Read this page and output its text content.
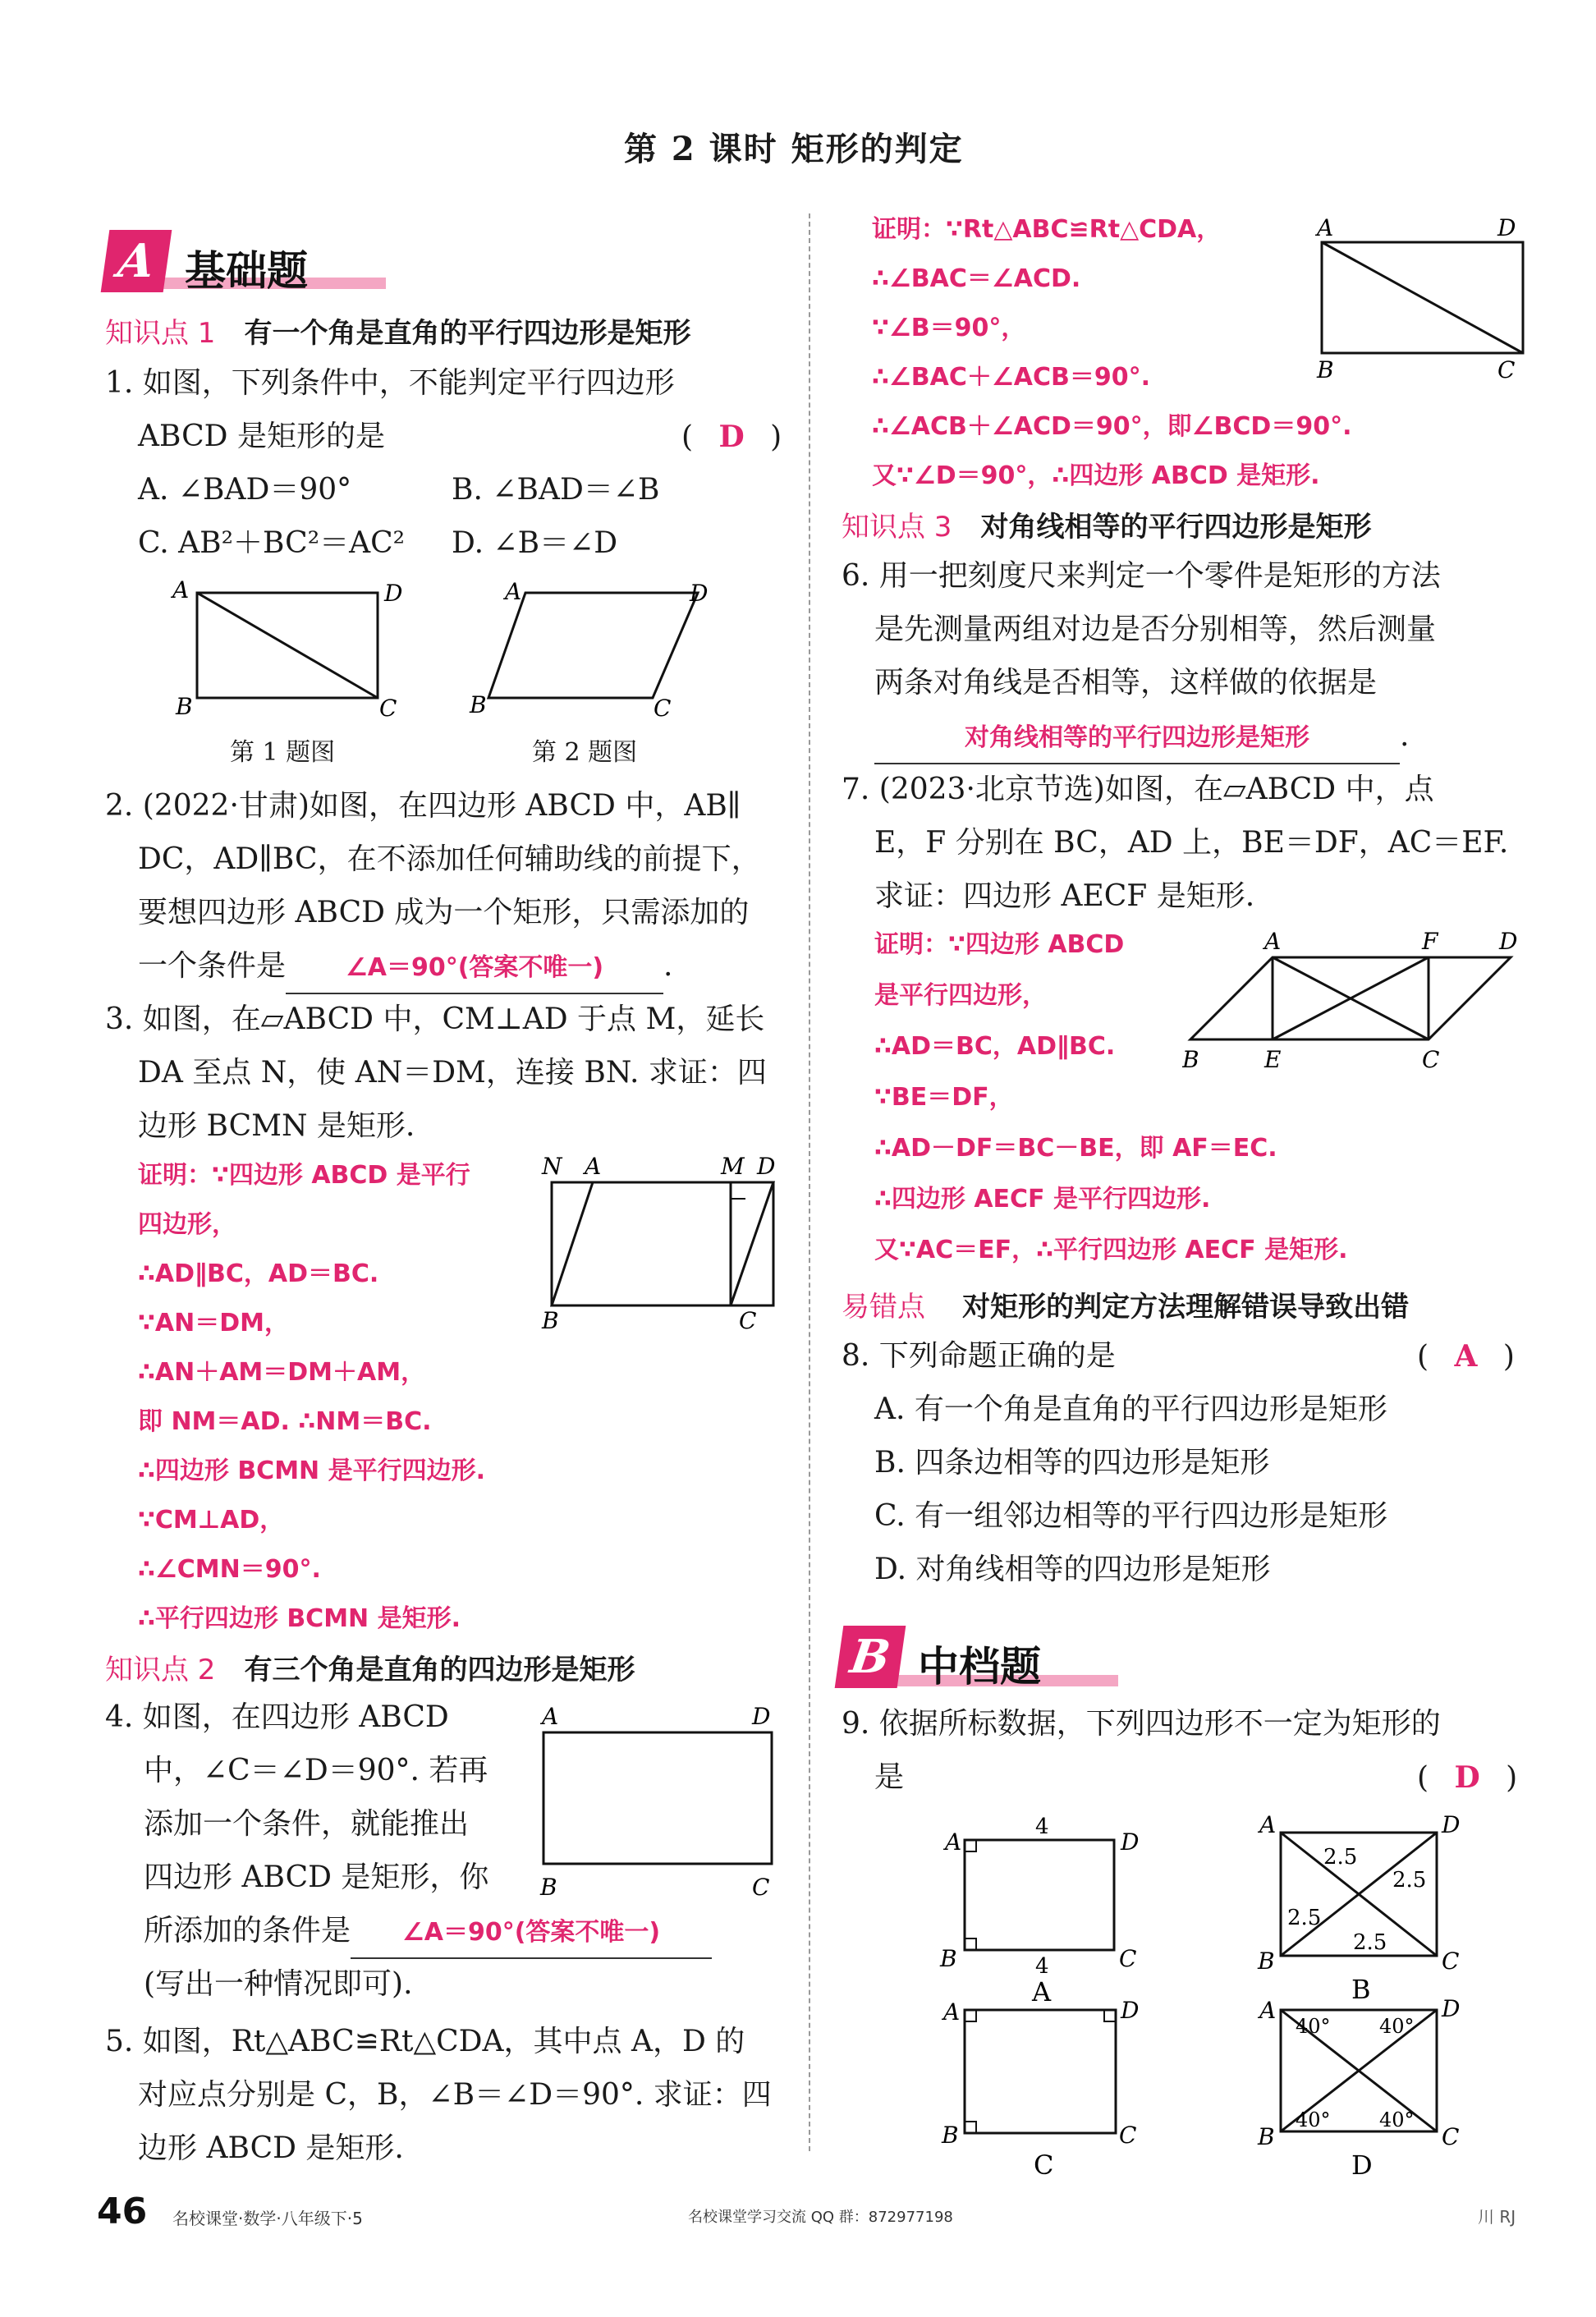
第 2 课时 矩形的判定
A 基础题
知识点 1 有一个角是直角的平行四边形是矩形
1. 如图，下列条件中，不能判定平行四边形
ABCD 是矩形的是	( D )
A. ∠BAD＝90°	B. ∠BAD＝∠B
C. AB²＋BC²＝AC² D. ∠B＝∠D
A	D
B	C
第 1 题图
A	D
B	C
第 2 题图
2. (2022·甘肃)如图，在四边形 ABCD 中，AB∥
DC，AD∥BC，在不添加任何辅助线的前提下，
要想四边形 ABCD 成为一个矩形，只需添加的
一个条件是 ∠A＝90°(答案不唯一) .
3. 如图，在▱ABCD 中，CM⊥AD 于点 M，延长
DA 至点 N，使 AN＝DM，连接 BN. 求证：四
边形 BCMN 是矩形.
证明：∵四边形 ABCD 是平行
四边形，
∴AD∥BC，AD＝BC.
∵AN＝DM，
∴AN＋AM＝DM＋AM，
即 NM＝AD. ∴NM＝BC.
∴四边形 BCMN 是平行四边形.
∵CM⊥AD，
∴∠CMN＝90°.
∴平行四边形 BCMN 是矩形.
N A	M D
B	C
知识点 2 有三个角是直角的四边形是矩形
4. 如图，在四边形 ABCD
中，∠C＝∠D＝90°. 若再
添加一个条件，就能推出
四边形 ABCD 是矩形，你
所添加的条件是 ∠A＝90°(答案不唯一)
(写出一种情况即可).
A	D
B	C
5. 如图，Rt△ABC≌Rt△CDA，其中点 A，D 的
对应点分别是 C，B，∠B＝∠D＝90°. 求证：四
边形 ABCD 是矩形.
证明：∵Rt△ABC≌Rt△CDA，
∴∠BAC＝∠ACD.
∵∠B＝90°，
∴∠BAC＋∠ACB＝90°.
∴∠ACB＋∠ACD＝90°，即∠BCD＝90°.
又∵∠D＝90°，∴四边形 ABCD 是矩形.
A	D
B	C
知识点 3 对角线相等的平行四边形是矩形
6. 用一把刻度尺来判定一个零件是矩形的方法
是先测量两组对边是否分别相等，然后测量
两条对角线是否相等，这样做的依据是
对角线相等的平行四边形是矩形	.
7. (2023·北京节选)如图，在▱ABCD 中，点
E，F 分别在 BC，AD 上，BE＝DF，AC＝EF.
求证：四边形 AECF 是矩形.
证明：∵四边形 ABCD
是平行四边形，
∴AD＝BC，AD∥BC.
∵BE＝DF，
∴AD－DF＝BC－BE，即 AF＝EC.
∴四边形 AECF 是平行四边形.
又∵AC＝EF，∴平行四边形 AECF 是矩形.
A	F	D
B	E	C
易错点 对矩形的判定方法理解错误导致出错
8. 下列命题正确的是	( A )
A. 有一个角是直角的平行四边形是矩形
B. 四条边相等的四边形是矩形
C. 有一组邻边相等的平行四边形是矩形
D. 对角线相等的四边形是矩形
B 中档题
9. 依据所标数据，下列四边形不一定为矩形的
是	( D )
A	D
B	C
4
4
A
A	D
B	C
2.5
2.5
2.5
2.5
B
A	D
B	C
C
A	D
B	C
40° 40°
40° 40°
D
46 名校课堂·数学·八年级下·5	名校课堂学习交流 QQ 群：872977198	川 RJ
